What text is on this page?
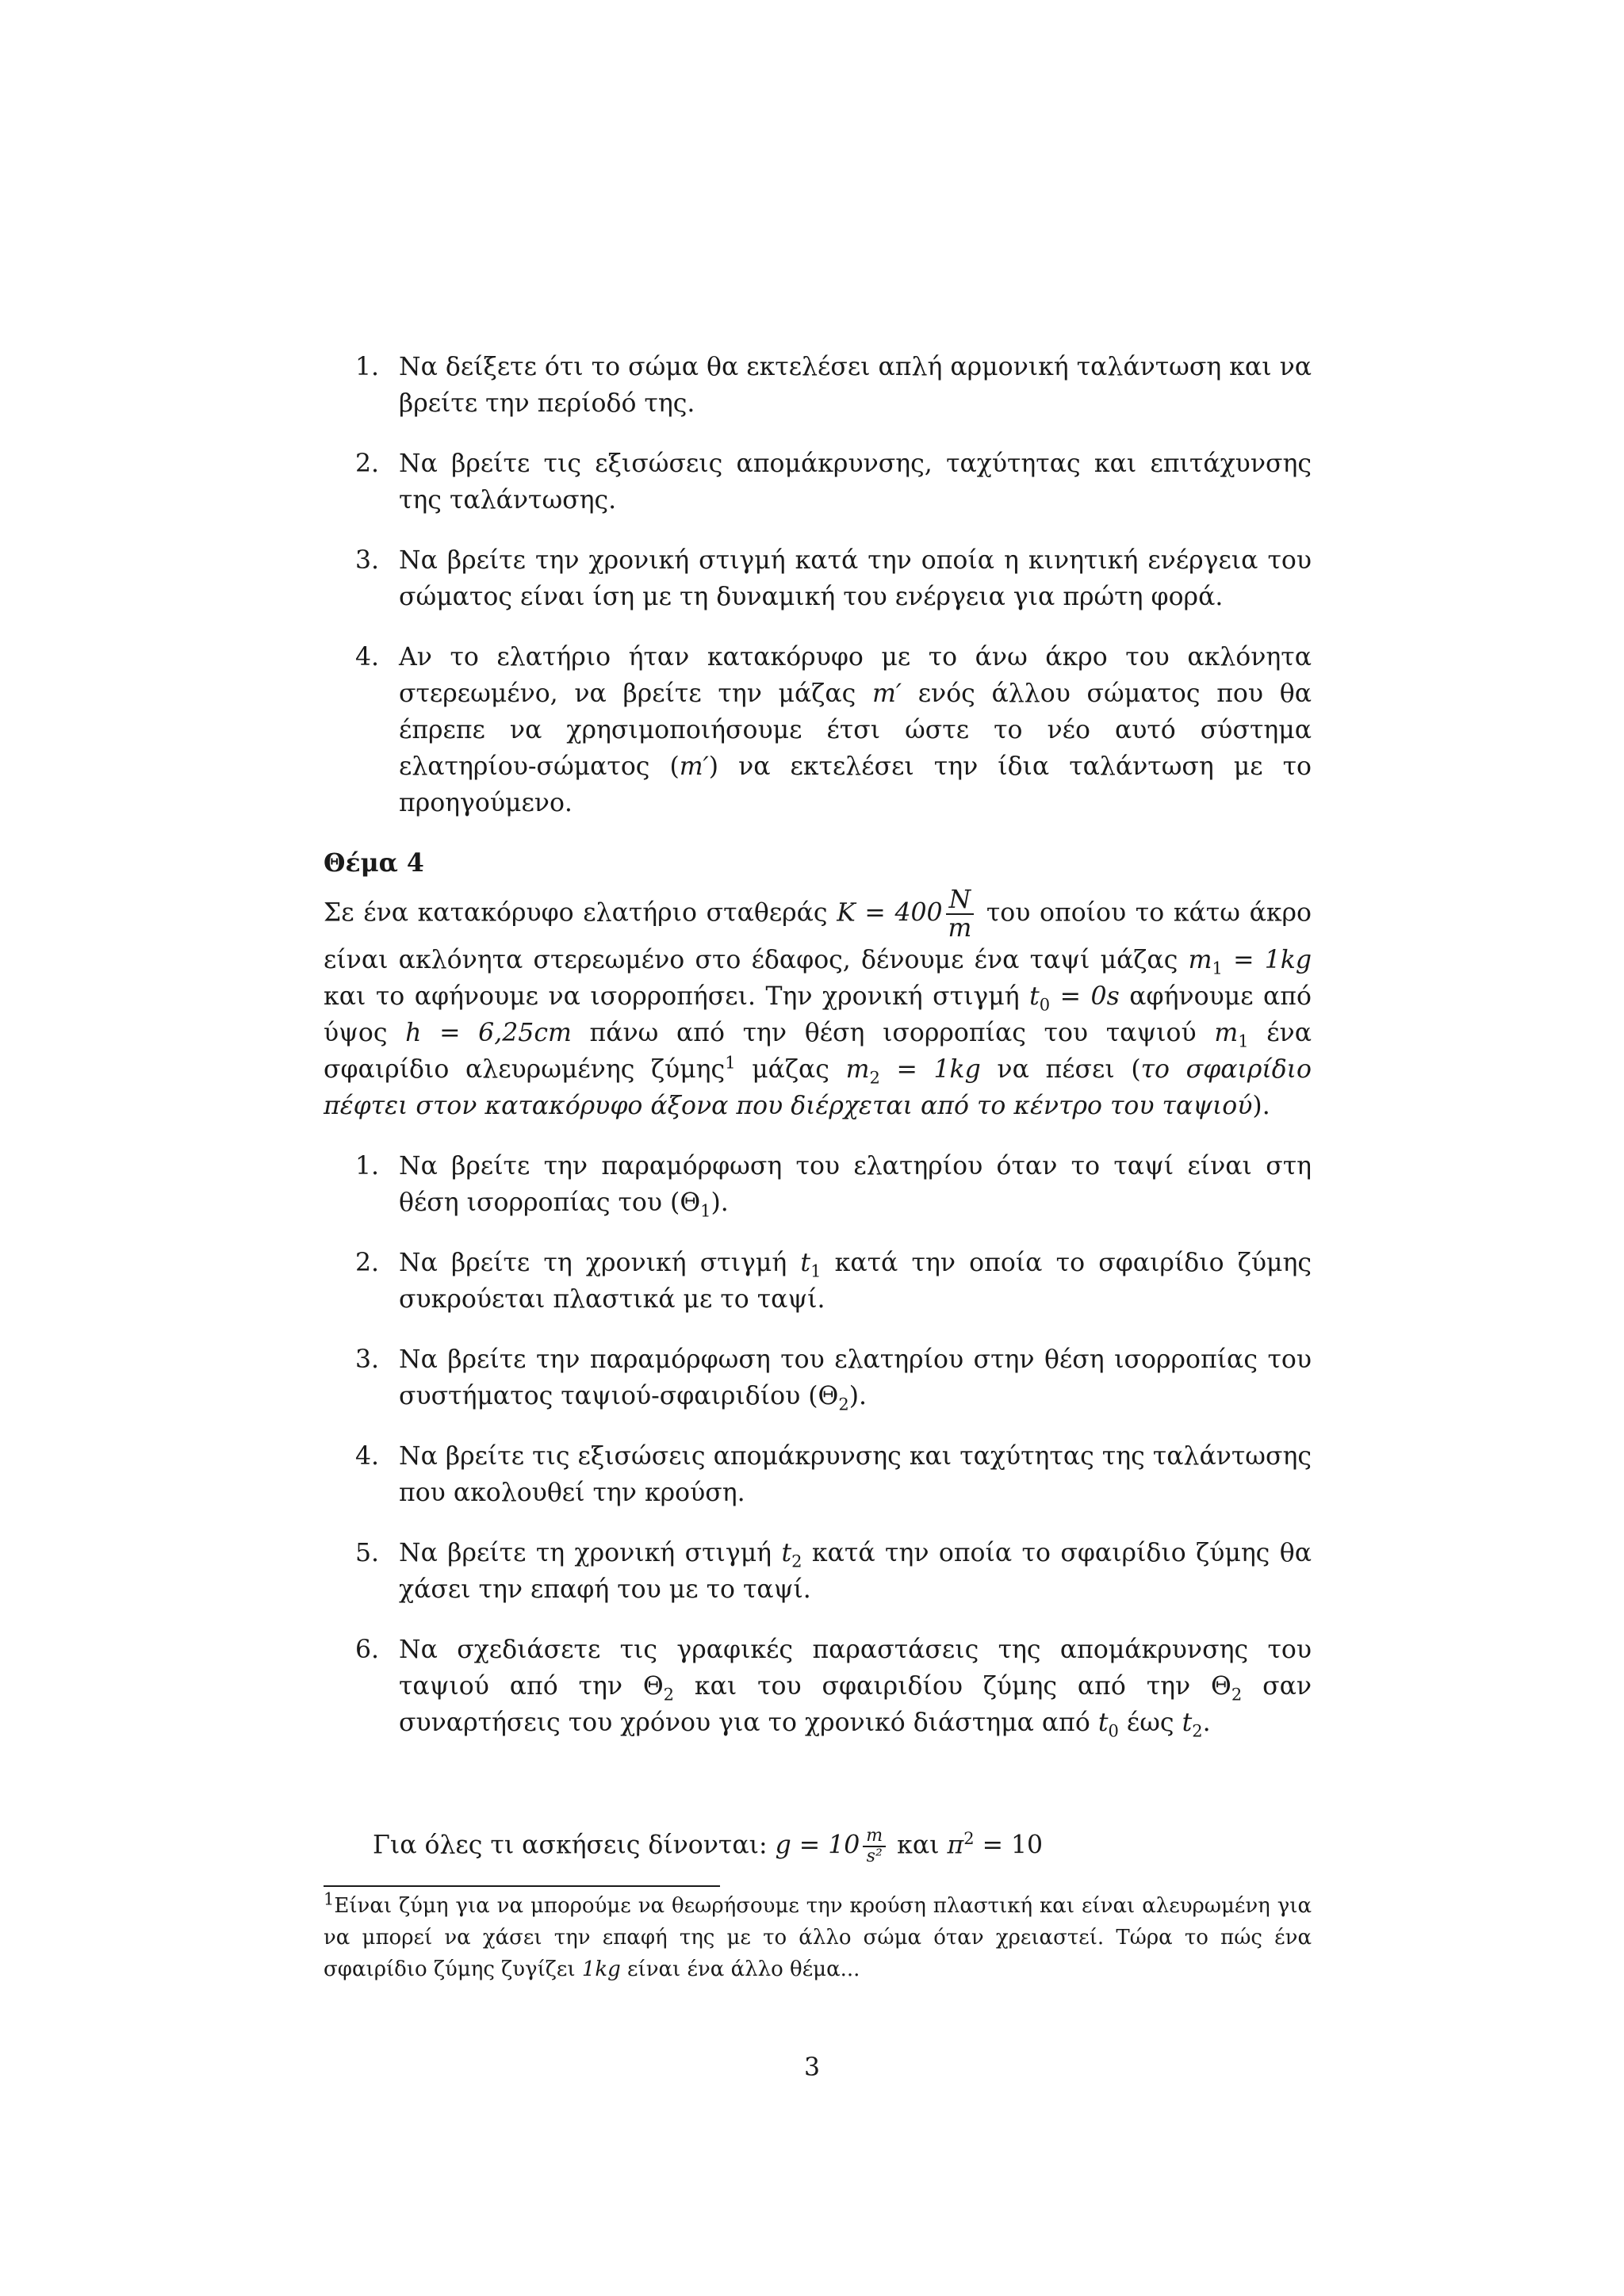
1. Να δείξετε ότι το σώμα θα εκτελέσει απλή αρμονική ταλάντωση και να βρείτε την περίοδό της.
2. Να βρείτε τις εξισώσεις απομάκρυνσης, ταχύτητας και επιτάχυνσης της ταλάντωσης.
3. Να βρείτε την χρονική στιγμή κατά την οποία η κινητική ενέργεια του σώματος είναι ίση με τη δυναμική του ενέργεια για πρώτη φορά.
4. Αν το ελατήριο ήταν κατακόρυφο με το άνω άκρο του ακλόνητα στερεωμένο, να βρείτε την μάζας m′ ενός άλλου σώματος που θα έπρεπε να χρησιμοποιήσουμε έτσι ώστε το νέο αυτό σύστημα ελατηρίου-σώματος (m′) να εκτελέσει την ίδια ταλάντωση με το προηγούμενο.
Θέμα 4

Σε ένα κατακόρυφο ελατήριο σταθεράς $K = 400 \frac{N}{m}$ του οποίου το κάτω άκρο είναι ακλόνητα στερεωμένο στο έδαφος, δένουμε ένα ταψί μάζας $m_1 = 1kg$ και το αφήνουμε να ισορροπήσει. Την χρονική στιγμή $t_0 = 0s$ αφήνουμε από ύψος h = 6,25cm πάνω από την θέση ισορροπίας του ταψιού $m_1$ ένα σφαιρίδιο αλευρωμένης ζύμης$^1$ μάζας $m_2 = 1kg$ να πέσει (το σφαιρίδιο πέφτει στον κατακόρυφο άξονα που διέρχεται από το κέντρο του ταψιού).

1. Να βρείτε την παραμόρφωση του ελατηρίου όταν το ταψί είναι στη θέση ισορροπίας του $(\Theta_1)$.
2. Να βρείτε τη χρονική στιγμή $t_1$ κατά την οποία το σφαιρίδιο ζύμης συκρούεται πλαστικά με το ταψί.
3. Να βρείτε την παραμόρφωση του ελατηρίου στην θέση ισορροπίας του συστήματος ταψιού-σφαιριδίου $(\Theta_2)$.
4. Να βρείτε τις εξισώσεις απομάκρυνσης και ταχύτητας της ταλάντωσης που ακολουθεί την κρούση.
5. Να βρείτε τη χρονική στιγμή $t_2$ κατά την οποία το σφαιρίδιο ζύμης θα χάσει την επαφή του με το ταψί.
6. Να σχεδιάσετε τις γραφικές παραστάσεις της απομάκρυνσης του ταψιού από την $\Theta_2$ και του σφαιριδίου ζύμης από την $\Theta_2$ σαν συναρτήσεις του χρόνου για το χρονικό διάστημα από $t_0$ έως $t_2$.
Για όλες τι ασκήσεις δίνονται: $g = 10 \frac{m}{\text{s²}}$ και $\pi^2 = 10$
$^1$Είναι ζύμη για να μπορούμε να θεωρήσουμε την κρούση πλαστική και είναι αλευρωμένη για να μπορεί να χάσει την επαφή της με το άλλο σώμα όταν χρειαστεί. Τώρα το πώς ένα σφαιρίδιο ζύμης ζυγίζει 1kg είναι ένα άλλο θέμα...
3
